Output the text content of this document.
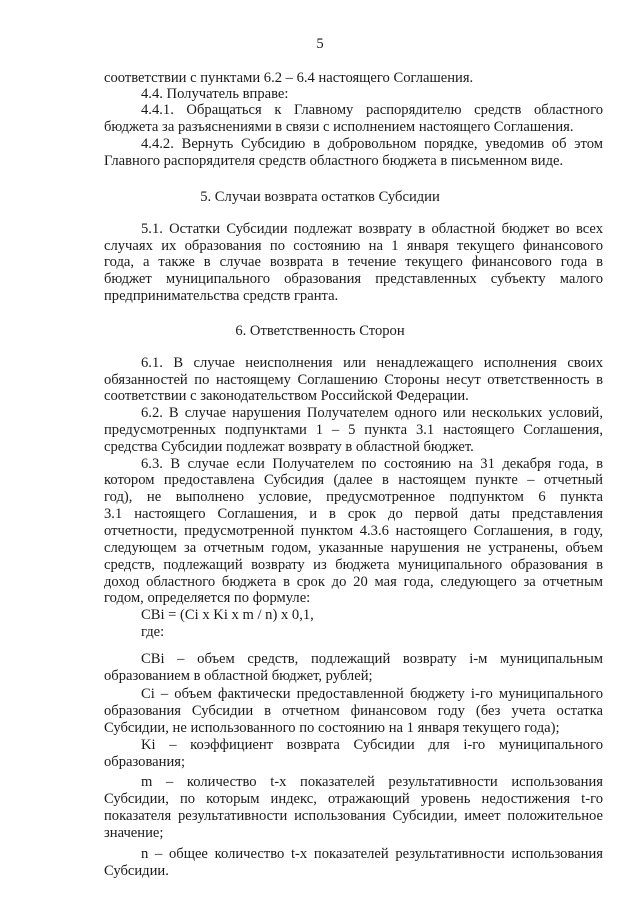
5
соответствии с пунктами 6.2 – 6.4 настоящего Соглашения.
4.4. Получатель вправе:
4.4.1. Обращаться к Главному распорядителю средств областного
бюджета за разъяснениями в связи с исполнением настоящего Соглашения.
4.4.2. Вернуть Субсидию в добровольном порядке, уведомив об этом
Главного распорядителя средств областного бюджета в письменном виде.
5. Случаи возврата остатков Субсидии
5.1. Остатки Субсидии подлежат возврату в областной бюджет во всех
случаях их образования по состоянию на 1 января текущего финансового
года, а также в случае возврата в течение текущего финансового года в
бюджет муниципального образования представленных субъекту малого
предпринимательства средств гранта.
6. Ответственность Сторон
6.1. В случае неисполнения или ненадлежащего исполнения своих
обязанностей по настоящему Соглашению Стороны несут ответственность в
соответствии с законодательством Российской Федерации.
6.2. В случае нарушения Получателем одного или нескольких условий,
предусмотренных подпунктами 1 – 5 пункта 3.1 настоящего Соглашения,
средства Субсидии подлежат возврату в областной бюджет.
6.3. В случае если Получателем по состоянию на 31 декабря года, в
котором предоставлена Субсидия (далее в настоящем пункте – отчетный
год), не выполнено условие, предусмотренное подпунктом 6 пункта
3.1 настоящего Соглашения, и в срок до первой даты представления
отчетности, предусмотренной пунктом 4.3.6 настоящего Соглашения, в году,
следующем за отчетным годом, указанные нарушения не устранены, объем
средств, подлежащий возврату из бюджета муниципального образования в
доход областного бюджета в срок до 20 мая года, следующего за отчетным
годом, определяется по формуле:
СВi = (Ci x Ki x m / n) x 0,1,
где:
СВi – объем средств, подлежащий возврату i-м муниципальным
образованием в областной бюджет, рублей;
Ci – объем фактически предоставленной бюджету i-го муниципального
образования Субсидии в отчетном финансовом году (без учета остатка
Субсидии, не использованного по состоянию на 1 января текущего года);
Ki – коэффициент возврата Субсидии для i-го муниципального
образования;
m – количество t-х показателей результативности использования
Субсидии, по которым индекс, отражающий уровень недостижения t-го
показателя результативности использования Субсидии, имеет положительное
значение;
n – общее количество t-х показателей результативности использования
Субсидии.
